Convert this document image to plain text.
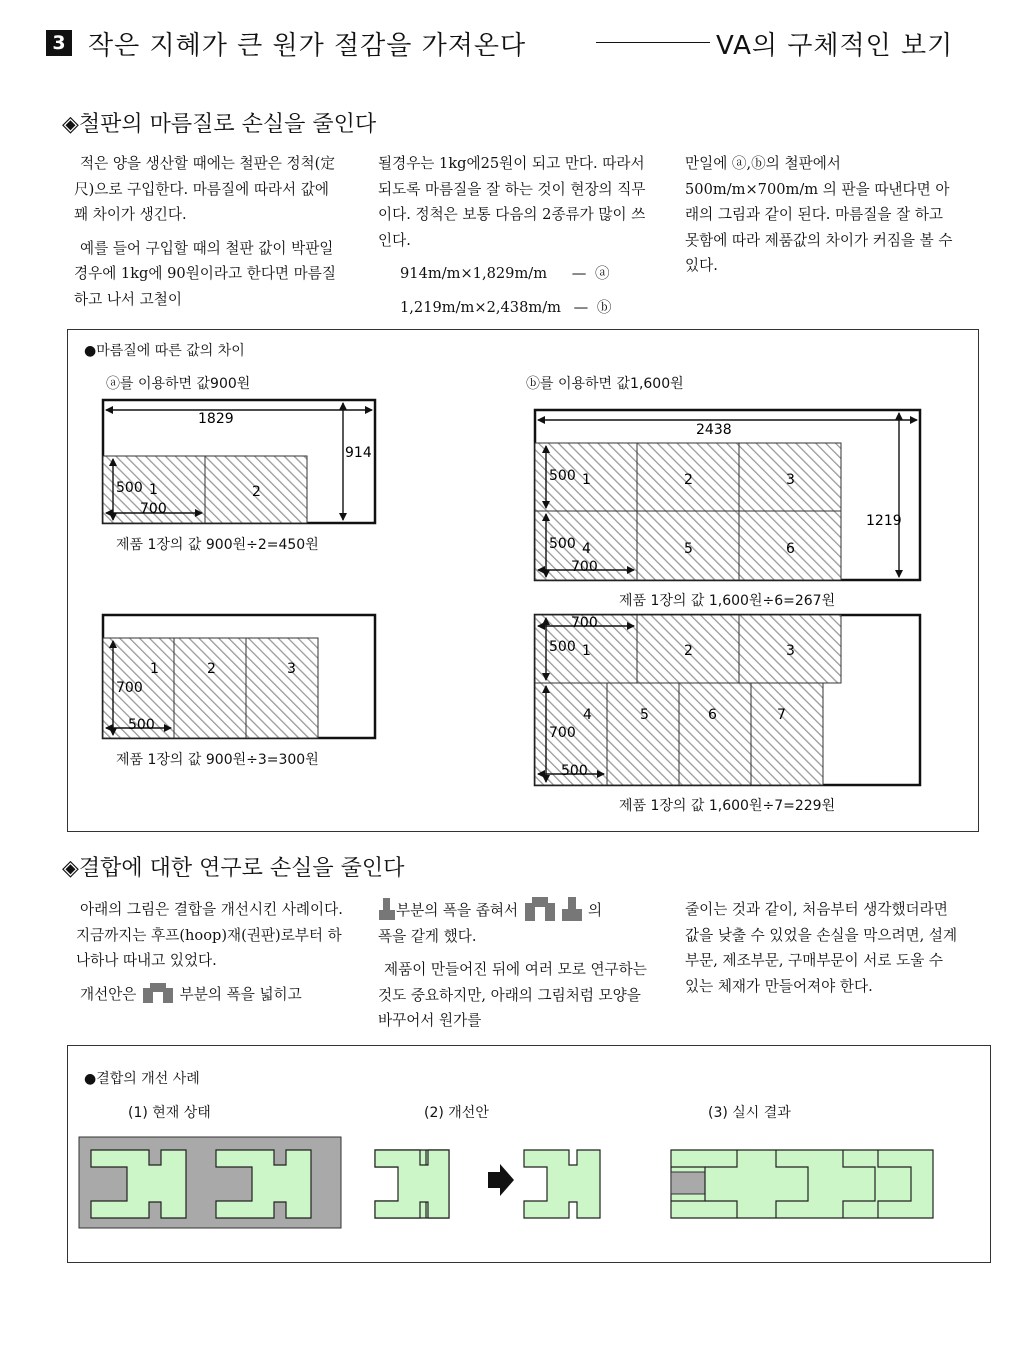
3 작은 지혜가 큰 원가 절감을 가져온다	VA의 구체적인 보기
◈철판의 마름질로 손실을 줄인다

적은 양을 생산할 때에는 철판은 정척(定尺)으로 구입한다. 마름질에 따라서 값에 꽤 차이가 생긴다.

예를 들어 구입할 때의 철판 값이 박판일 경우에 1kg에 90원이라고 한다면 마름질 하고 나서 고철이

될경우는 1kg에25원이 되고 만다. 따라서 되도록 마름질을 잘 하는 것이 현장의 직무이다. 정척은 보통 다음의 2종류가 많이 쓰인다.

914m/m×1,829m/m — ⓐ
1,219m/m×2,438m/m — ⓑ

만일에 ⓐ,ⓑ의 철판에서 500m/m×700m/m 의 판을 따낸다면 아래의 그림과 같이 된다. 마름질을 잘 하고 못함에 따라 제품값의 차이가 커짐을 볼 수 있다.

●마름질에 따른 값의 차이
ⓐ를 이용하면 값900원	ⓑ를 이용하면 값1,600원
1829
914
500
700
1	2
700
500
1	2	3
2438
1219
500
500
700
1	2	3
4	5	6
700
500
700
500
1	2	3
4	5	6	7
제품 1장의 값 900원÷2=450원
제품 1장의 값 900원÷3=300원
제품 1장의 값 1,600원÷6=267원
제품 1장의 값 1,600원÷7=229원
◈결합에 대한 연구로 손실을 줄인다

아래의 그림은 결합을 개선시킨 사례이다. 지금까지는 후프(hoop)재(권판)로부터 하나하나 따내고 있었다.

개선안은	부분의 폭을 넓히고

부분의 폭을 좁혀서	의
폭을 같게 했다.

제품이 만들어진 뒤에 여러 모로 연구하는 것도 중요하지만, 아래의 그림처럼 모양을 바꾸어서 원가를

줄이는 것과 같이, 처음부터 생각했더라면 값을 낮출 수 있었을 손실을 막으려면, 설계부문, 제조부문, 구매부문이 서로 도울 수 있는 체재가 만들어져야 한다.

●결합의 개선 사례
(1) 현재 상태	(2) 개선안	(3) 실시 결과
